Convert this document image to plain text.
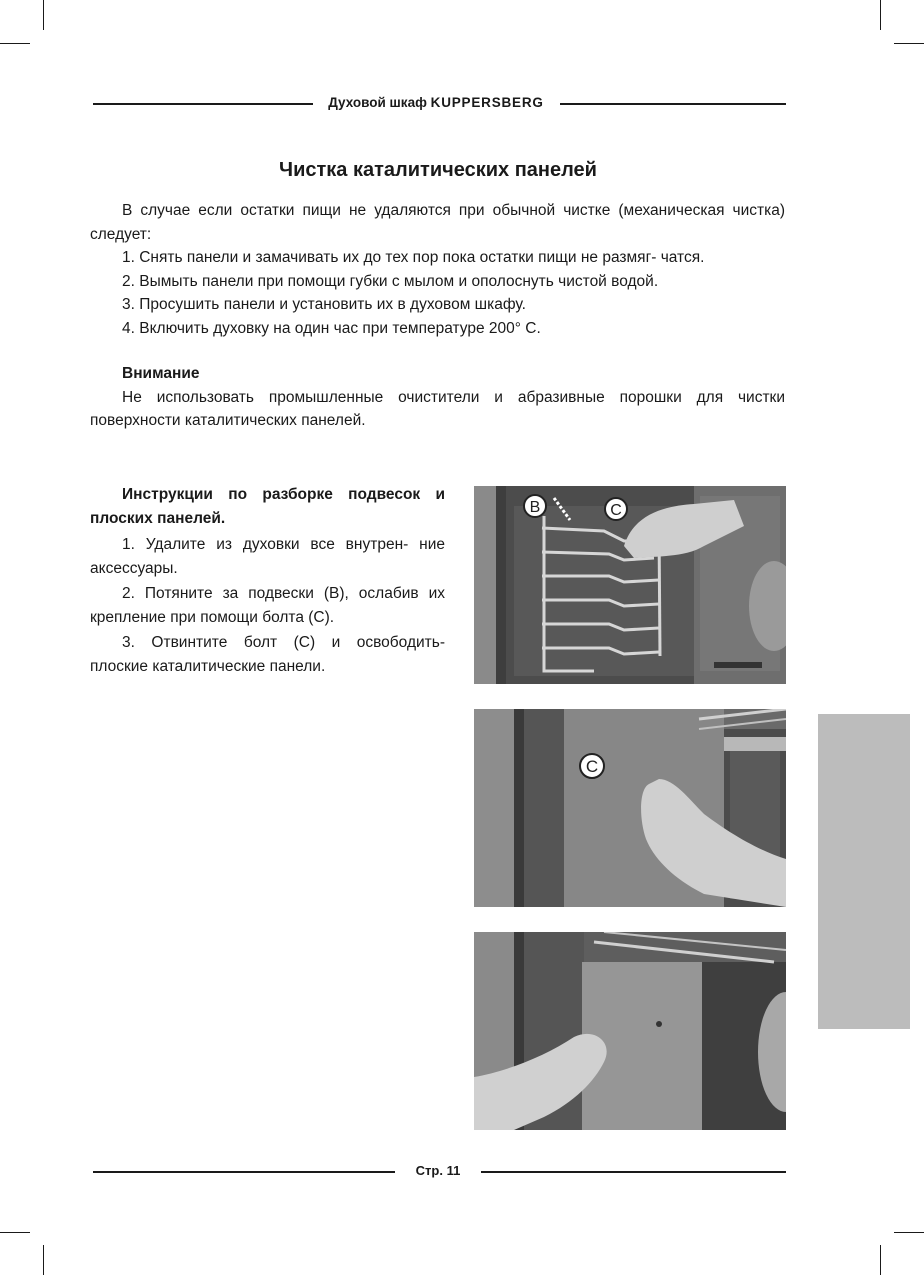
Духовой шкаф KUPPERSBERG
Чистка каталитических панелей

В случае если остатки пищи не удаляются при обычной чистке (механическая чистка) следует:

1. Снять панели и замачивать их до тех пор пока остатки пищи не размяг- чатся.

2. Вымыть панели при помощи губки с мылом и ополоснуть чистой водой.

3. Просушить панели и установить их в духовом шкафу.

4. Включить духовку на один час при температуре 200° С.

Внимание

Не использовать промышленные очистители и абразивные порошки для чистки поверхности каталитических панелей.

Инструкции по разборке подвесок и плоских панелей.

1. Удалите из духовки все внутрен- ние аксессуары.

2. Потяните за подвески (В), ослабив их крепление при помощи болта (С).

3. Отвинтите болт (С) и освободить- плоские каталитические панели.

B	C
C
Стр. 11
